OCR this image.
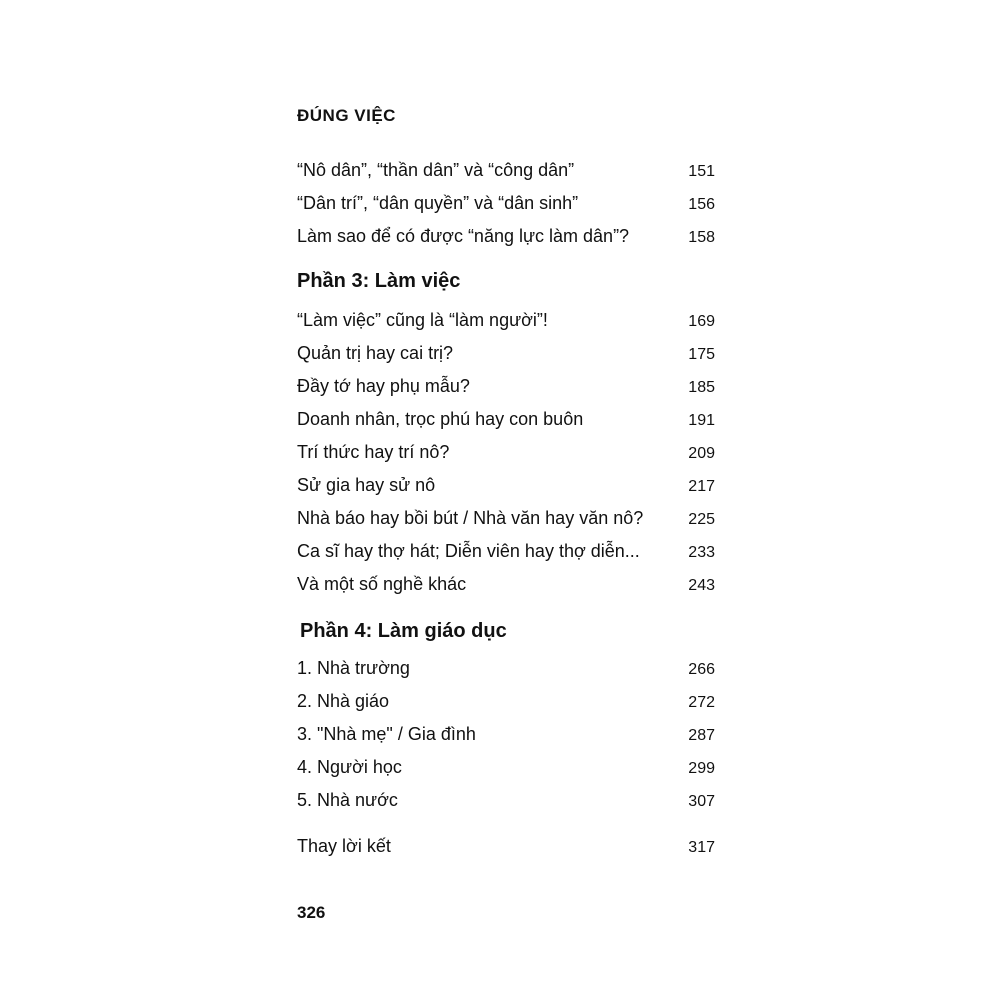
ĐÚNG VIỆC
“Nô dân”, “thần dân” và “công dân”	151
“Dân trí”, “dân quyền” và “dân sinh”	156
Làm sao để có được “năng lực làm dân”?	158
Phần 3: Làm việc
“Làm việc” cũng là “làm người”!	169
Quản trị hay cai trị?	175
Đầy tớ hay phụ mẫu?	185
Doanh nhân, trọc phú hay con buôn	191
Trí thức hay trí nô?	209
Sử gia hay sử nô	217
Nhà báo hay bồi bút / Nhà văn hay văn nô?	225
Ca sĩ hay thợ hát; Diễn viên hay thợ diễn...	233
Và một số nghề khác	243
Phần 4: Làm giáo dục
1. Nhà trường	266
2. Nhà giáo	272
3. "Nhà mẹ" / Gia đình	287
4. Người học	299
5. Nhà nước	307
Thay lời kết	317
326
